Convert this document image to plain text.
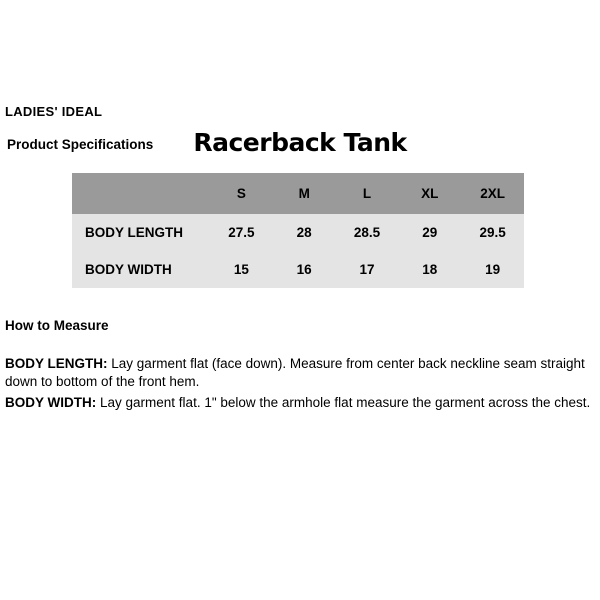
LADIES' IDEAL
Product Specifications	Racerback Tank
	S	M	L	XL	2XL
BODY LENGTH	27.5	28	28.5	29	29.5
BODY WIDTH	15	16	17	18	19
How to Measure

BODY LENGTH: Lay garment flat (face down). Measure from center back neckline seam straight down to bottom of the front hem.

BODY WIDTH: Lay garment flat. 1" below the armhole flat measure the garment across the chest.
